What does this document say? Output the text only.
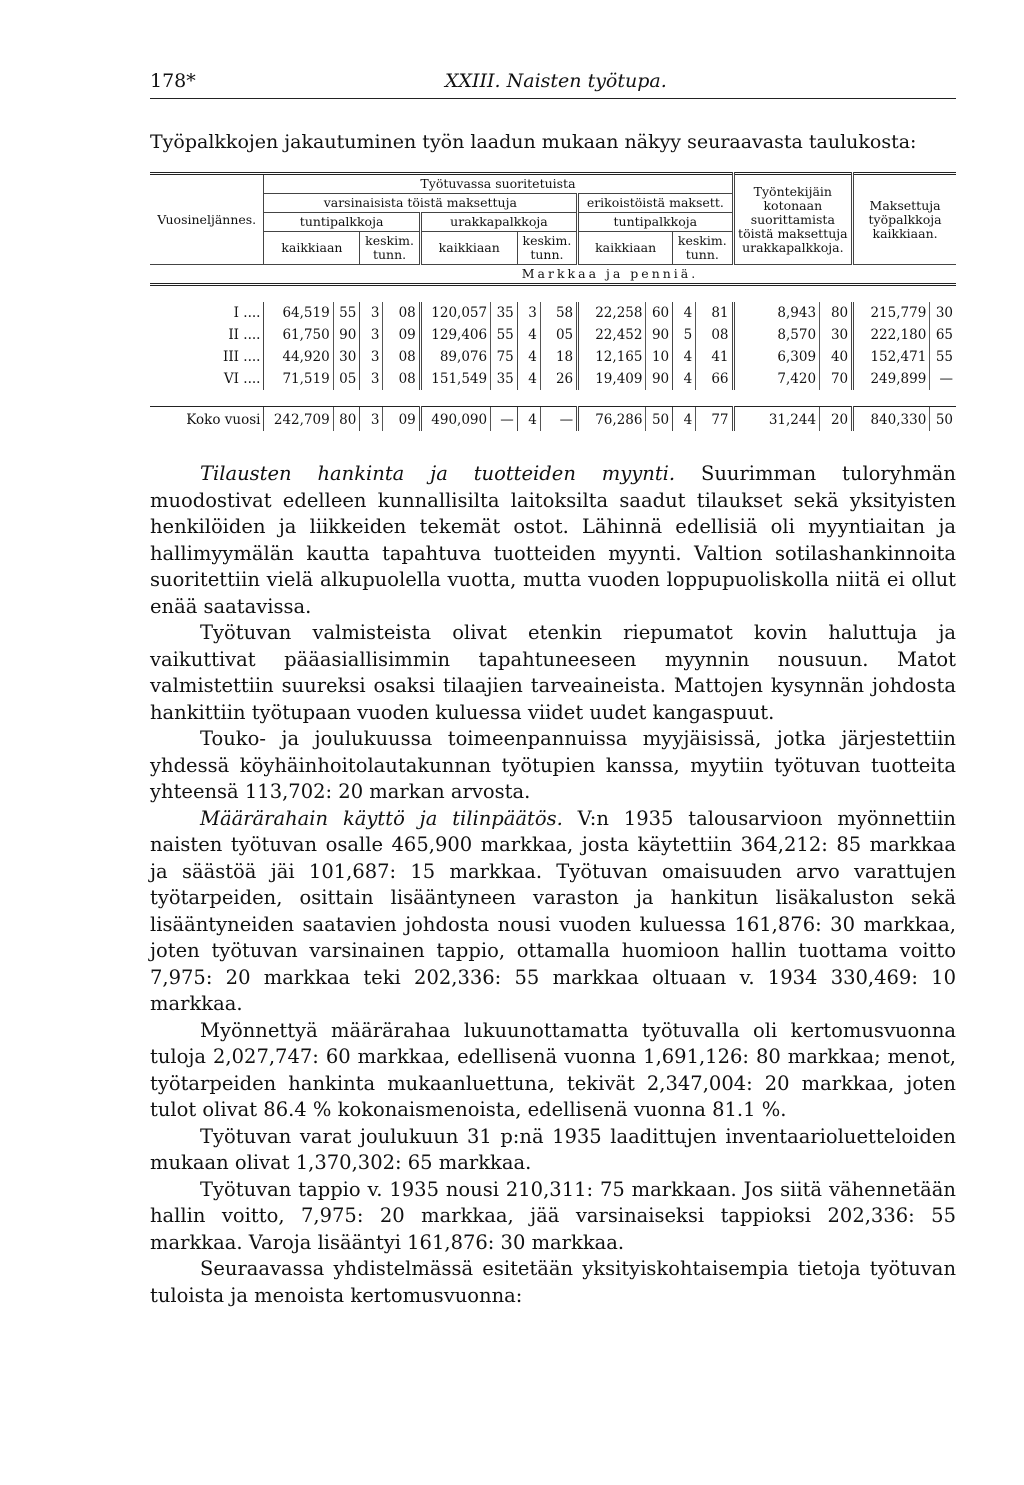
178*	XXIII. Naisten työtupa.
Työpalkkojen jakautuminen työn laadun mukaan näkyy seuraavasta taulukosta:
Vuosineljännes.	Työtuvassa suoritetuista												Työntekijäin kotonaan suorittamista töistä maksettuja urakkapalkkoja.		Maksettuja työpalkkoja kaikkiaan.	
	varsinaisista töistä maksettuja								erikoistöistä maksett.							
	tuntipalkkoja				urakkapalkkoja				tuntipalkkoja							
	kaikkiaan		keskim. tunn.		kaikkiaan		keskim. tunn.		kaikkiaan		keskim. tunn.					
	Markkaa ja penniä.															

I ....	64,519	55	3	08	120,057	35	3	58	22,258	60	4	81	8,943	80	215,779	30
II ....	61,750	90	3	09	129,406	55	4	05	22,452	90	5	08	8,570	30	222,180	65
III ....	44,920	30	3	08	89,076	75	4	18	12,165	10	4	41	6,309	40	152,471	55
VI ....	71,519	05	3	08	151,549	35	4	26	19,409	90	4	66	7,420	70	249,899	—

Koko vuosi	242,709	80	3	09	490,090	—	4	—	76,286	50	4	77	31,244	20	840,330	50

Tilausten hankinta ja tuotteiden myynti. Suurimman tuloryhmän muodostivat edelleen kunnallisilta laitoksilta saadut tilaukset sekä yksityisten henkilöiden ja liikkeiden tekemät ostot. Lähinnä edellisiä oli myyntiaitan ja hallimyymälän kautta tapahtuva tuotteiden myynti. Valtion sotilashankinnoita suoritettiin vielä alkupuolella vuotta, mutta vuoden loppupuoliskolla niitä ei ollut enää saatavissa.

Työtuvan valmisteista olivat etenkin riepumatot kovin haluttuja ja vaikuttivat pääasiallisimmin tapahtuneeseen myynnin nousuun. Matot valmistettiin suureksi osaksi tilaajien tarveaineista. Mattojen kysynnän johdosta hankittiin työtupaan vuoden kuluessa viidet uudet kangaspuut.

Touko- ja joulukuussa toimeenpannuissa myyjäisissä, jotka järjestettiin yhdessä köyhäinhoitolautakunnan työtupien kanssa, myytiin työtuvan tuotteita yhteensä 113,702: 20 markan arvosta.

Määrärahain käyttö ja tilinpäätös. V:n 1935 talousarvioon myönnettiin naisten työtuvan osalle 465,900 markkaa, josta käytettiin 364,212: 85 markkaa ja säästöä jäi 101,687: 15 markkaa. Työtuvan omaisuuden arvo varattujen työtarpeiden, osittain lisääntyneen varaston ja hankitun lisäkaluston sekä lisääntyneiden saatavien johdosta nousi vuoden kuluessa 161,876: 30 markkaa, joten työtuvan varsinainen tappio, ottamalla huomioon hallin tuottama voitto 7,975: 20 markkaa teki 202,336: 55 markkaa oltuaan v. 1934 330,469: 10 markkaa.

Myönnettyä määrärahaa lukuunottamatta työtuvalla oli kertomusvuonna tuloja 2,027,747: 60 markkaa, edellisenä vuonna 1,691,126: 80 markkaa; menot, työtarpeiden hankinta mukaanluettuna, tekivät 2,347,004: 20 markkaa, joten tulot olivat 86.4 % kokonaismenoista, edellisenä vuonna 81.1 %.

Työtuvan varat joulukuun 31 p:nä 1935 laadittujen inventaarioluetteloiden mukaan olivat 1,370,302: 65 markkaa.

Työtuvan tappio v. 1935 nousi 210,311: 75 markkaan. Jos siitä vähennetään hallin voitto, 7,975: 20 markkaa, jää varsinaiseksi tappioksi 202,336: 55 markkaa. Varoja lisääntyi 161,876: 30 markkaa.

Seuraavassa yhdistelmässä esitetään yksityiskohtaisempia tietoja työtuvan tuloista ja menoista kertomusvuonna:
